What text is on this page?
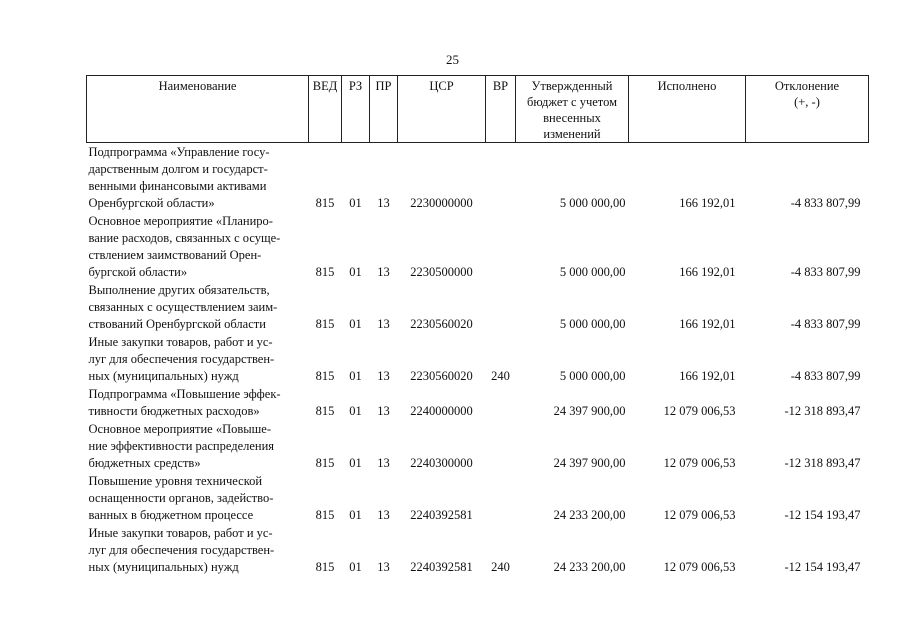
25
Наименование	ВЕД	РЗ	ПР	ЦСР	ВР	Утвержденный
бюджет с учетом
внесенных
изменений	Исполнено	Отклонение
(+, -)

Подпрограмма «Управление госу-
дарственным долгом и государст-
венными финансовыми активами
Оренбургской области»	815	01	13	2230000000		5 000 000,00	166 192,01	-4 833 807,99

Основное мероприятие «Планиро-
вание расходов, связанных с осуще-
ствлением заимствований Орен-
бургской области»	815	01	13	2230500000		5 000 000,00	166 192,01	-4 833 807,99

Выполнение других обязательств,
связанных с осуществлением заим-
ствований Оренбургской области	815	01	13	2230560020		5 000 000,00	166 192,01	-4 833 807,99

Иные закупки товаров, работ и ус-
луг для обеспечения государствен-
ных (муниципальных) нужд	815	01	13	2230560020	240	5 000 000,00	166 192,01	-4 833 807,99

Подпрограмма «Повышение эффек-
тивности бюджетных расходов»	815	01	13	2240000000		24 397 900,00	12 079 006,53	-12 318 893,47

Основное мероприятие «Повыше-
ние эффективности распределения
бюджетных средств»	815	01	13	2240300000		24 397 900,00	12 079 006,53	-12 318 893,47

Повышение уровня технической
оснащенности органов, задейство-
ванных в бюджетном процессе	815	01	13	2240392581		24 233 200,00	12 079 006,53	-12 154 193,47

Иные закупки товаров, работ и ус-
луг для обеспечения государствен-
ных (муниципальных) нужд	815	01	13	2240392581	240	24 233 200,00	12 079 006,53	-12 154 193,47
